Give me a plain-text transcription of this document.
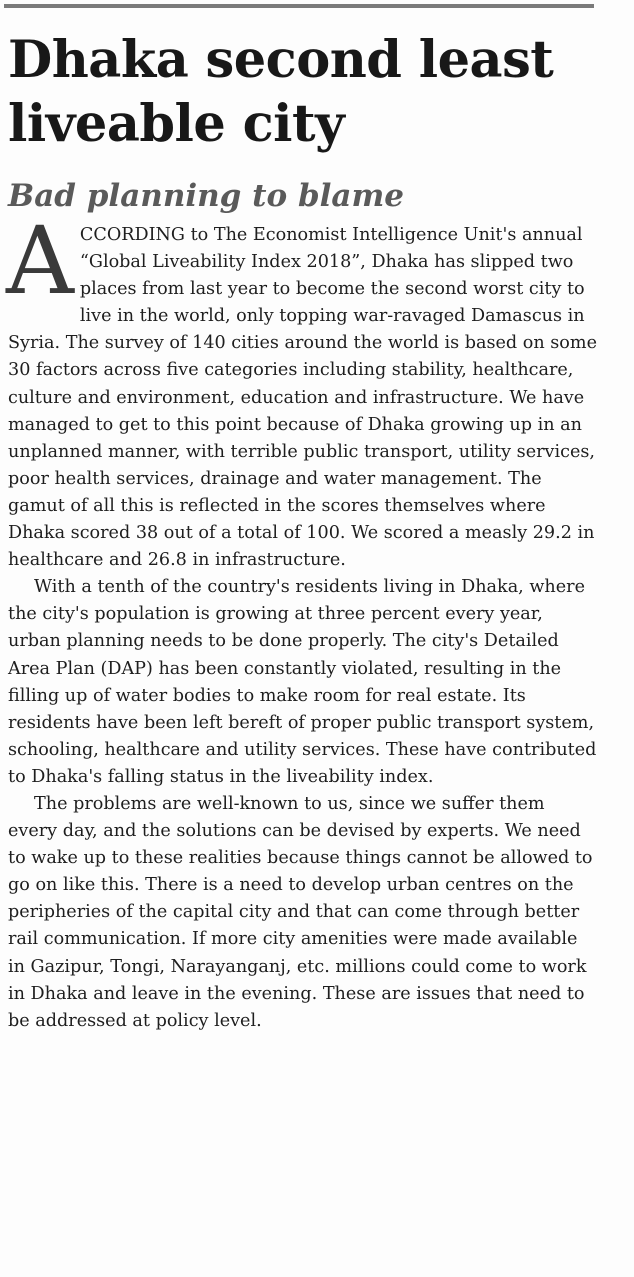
Dhaka second least liveable city
Bad planning to blame

A CCORDING to The Economist Intelligence Unit's annual “Global Liveability Index 2018”, Dhaka has slipped two places from last year to become the second worst city to live in the world, only topping war-ravaged Damascus in Syria. The survey of 140 cities around the world is based on some 30 factors across five categories including stability, healthcare, culture and environment, education and infrastructure. We have managed to get to this point because of Dhaka growing up in an unplanned manner, with terrible public transport, utility services, poor health services, drainage and water management. The gamut of all this is reflected in the scores themselves where Dhaka scored 38 out of a total of 100. We scored a measly 29.2 in healthcare and 26.8 in infrastructure.

With a tenth of the country's residents living in Dhaka, where the city's population is growing at three percent every year, urban planning needs to be done properly. The city's Detailed Area Plan (DAP) has been constantly violated, resulting in the filling up of water bodies to make room for real estate. Its residents have been left bereft of proper public transport system, schooling, healthcare and utility services. These have contributed to Dhaka's falling status in the liveability index.

The problems are well-known to us, since we suffer them every day, and the solutions can be devised by experts. We need to wake up to these realities because things cannot be allowed to go on like this. There is a need to develop urban centres on the peripheries of the capital city and that can come through better rail communication. If more city amenities were made available in Gazipur, Tongi, Narayanganj, etc. millions could come to work in Dhaka and leave in the evening. These are issues that need to be addressed at policy level.
